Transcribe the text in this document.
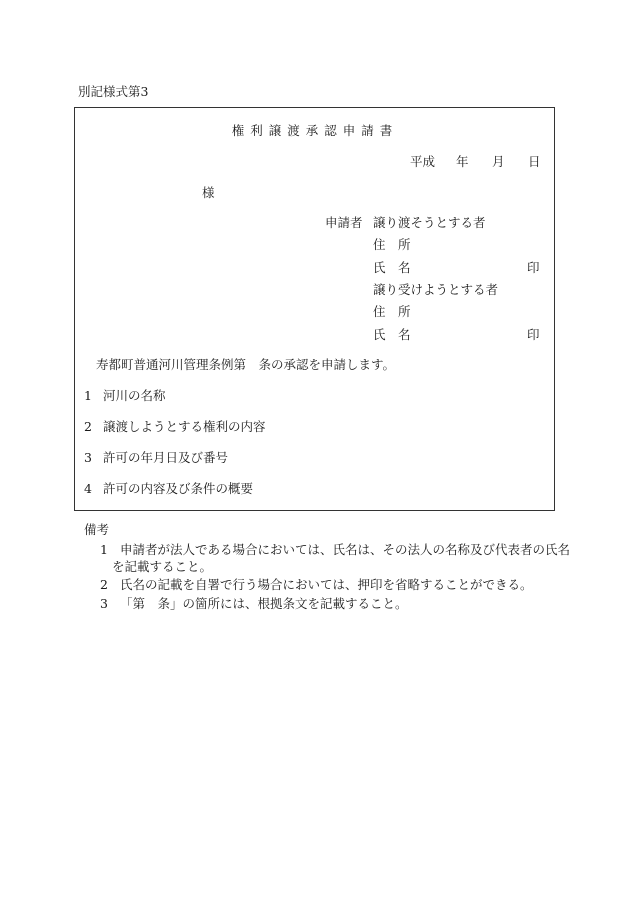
別記様式第3
権利譲渡承認申請書
平成 年 月 日
様
申請者 譲り渡そうとする者
住　所
氏　名	印
譲り受けようとする者
住　所
氏　名	印
寿都町普通河川管理条例第　条の承認を申請します。
1 河川の名称
2 譲渡しようとする権利の内容
3 許可の年月日及び番号
4 許可の内容及び条件の概要
備考
1 申請者が法人である場合においては、氏名は、その法人の名称及び代表者の氏名
を記載すること。
2 氏名の記載を自署で行う場合においては、押印を省略することができる。
3 「第　条」の箇所には、根拠条文を記載すること。
